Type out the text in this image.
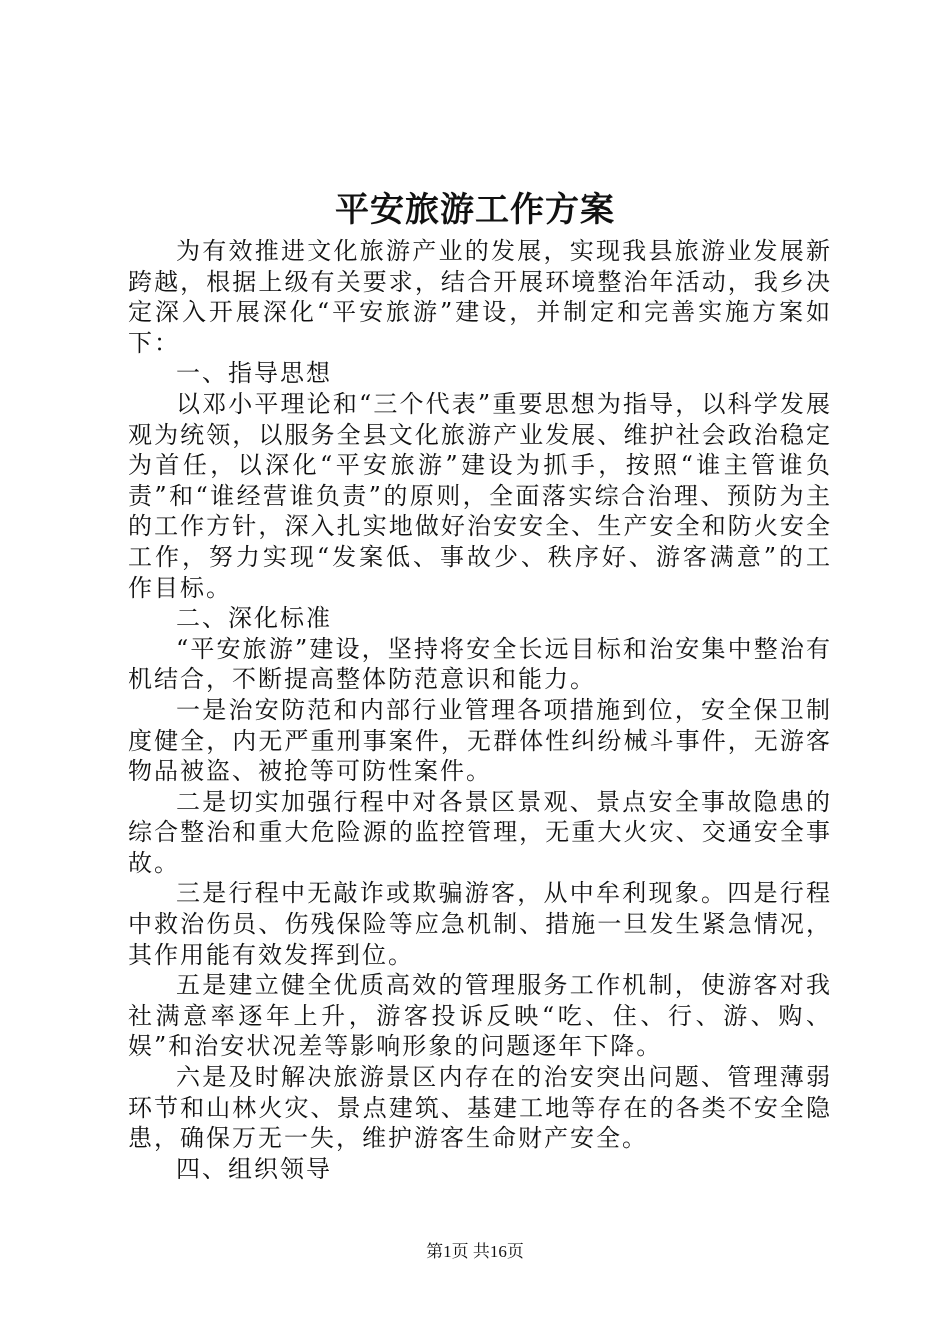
平安旅游工作方案

为有效推进文化旅游产业的发展，实现我县旅游业发展新跨越，根据上级有关要求，结合开展环境整治年活动，我乡决定深入开展深化“平安旅游”建设，并制定和完善实施方案如下：

一、指导思想

以邓小平理论和“三个代表”重要思想为指导，以科学发展观为统领，以服务全县文化旅游产业发展、维护社会政治稳定为首任，以深化“平安旅游”建设为抓手，按照“谁主管谁负责”和“谁经营谁负责”的原则，全面落实综合治理、预防为主的工作方针，深入扎实地做好治安安全、生产安全和防火安全工作，努力实现“发案低、事故少、秩序好、游客满意”的工作目标。

二、深化标准

“平安旅游”建设，坚持将安全长远目标和治安集中整治有机结合，不断提高整体防范意识和能力。

一是治安防范和内部行业管理各项措施到位，安全保卫制度健全，内无严重刑事案件，无群体性纠纷械斗事件，无游客物品被盗、被抢等可防性案件。

二是切实加强行程中对各景区景观、景点安全事故隐患的综合整治和重大危险源的监控管理，无重大火灾、交通安全事故。

三是行程中无敲诈或欺骗游客，从中牟利现象。四是行程中救治伤员、伤残保险等应急机制、措施一旦发生紧急情况，其作用能有效发挥到位。

五是建立健全优质高效的管理服务工作机制，使游客对我社满意率逐年上升，游客投诉反映“吃、住、行、游、购、娱”和治安状况差等影响形象的问题逐年下降。

六是及时解决旅游景区内存在的治安突出问题、管理薄弱环节和山林火灾、景点建筑、基建工地等存在的各类不安全隐患，确保万无一失，维护游客生命财产安全。

四、组织领导

第1页 共16页
